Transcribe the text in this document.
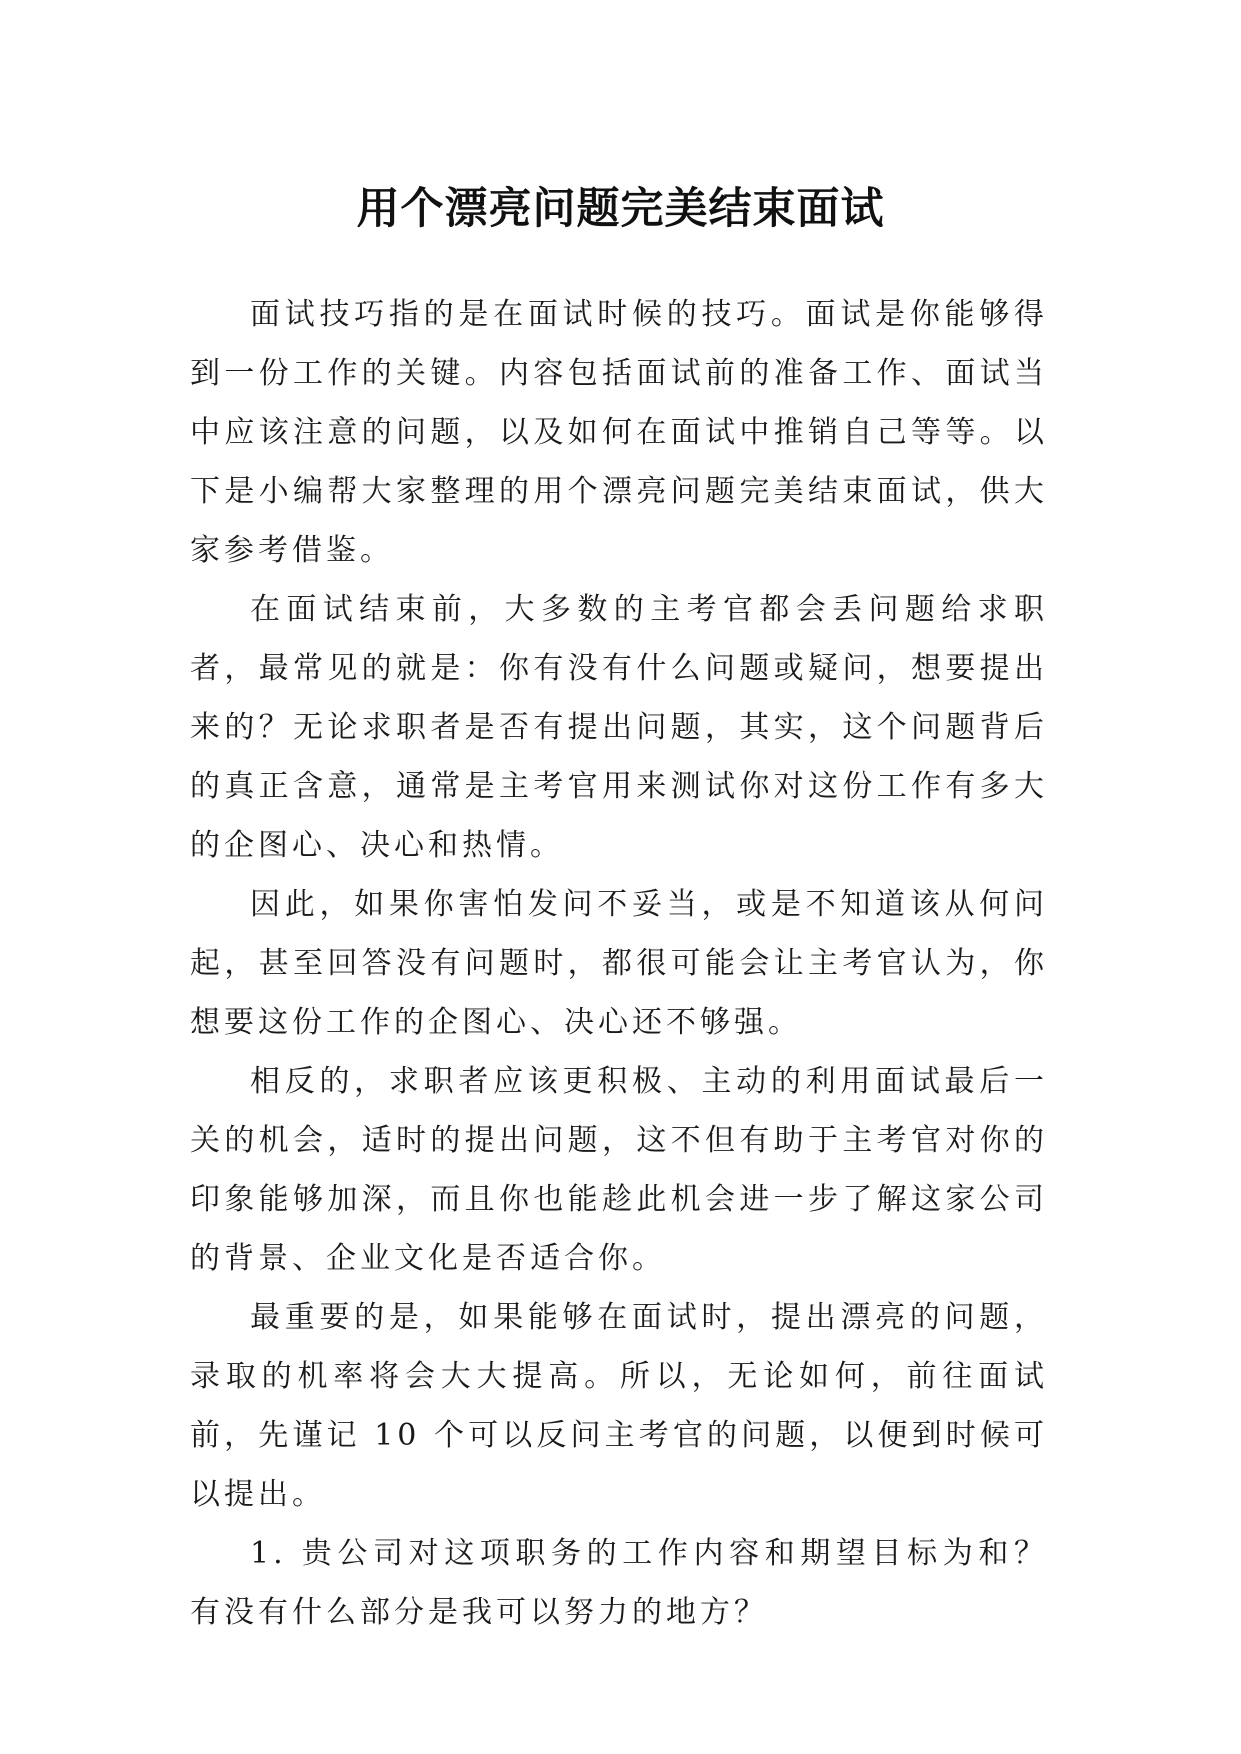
用个漂亮问题完美结束面试

面试技巧指的是在面试时候的技巧。面试是你能够得到一份工作的关键。内容包括面试前的准备工作、面试当中应该注意的问题，以及如何在面试中推销自己等等。以下是小编帮大家整理的用个漂亮问题完美结束面试，供大家参考借鉴。

在面试结束前，大多数的主考官都会丢问题给求职者，最常见的就是：你有没有什么问题或疑问，想要提出来的？无论求职者是否有提出问题，其实，这个问题背后的真正含意，通常是主考官用来测试你对这份工作有多大的企图心、决心和热情。

因此，如果你害怕发问不妥当，或是不知道该从何问起，甚至回答没有问题时，都很可能会让主考官认为，你想要这份工作的企图心、决心还不够强。

相反的，求职者应该更积极、主动的利用面试最后一关的机会，适时的提出问题，这不但有助于主考官对你的印象能够加深，而且你也能趁此机会进一步了解这家公司的背景、企业文化是否适合你。

最重要的是，如果能够在面试时，提出漂亮的问题，录取的机率将会大大提高。所以，无论如何，前往面试前，先谨记 10 个可以反问主考官的问题，以便到时候可以提出。

1. 贵公司对这项职务的工作内容和期望目标为和？有没有什么部分是我可以努力的地方？
